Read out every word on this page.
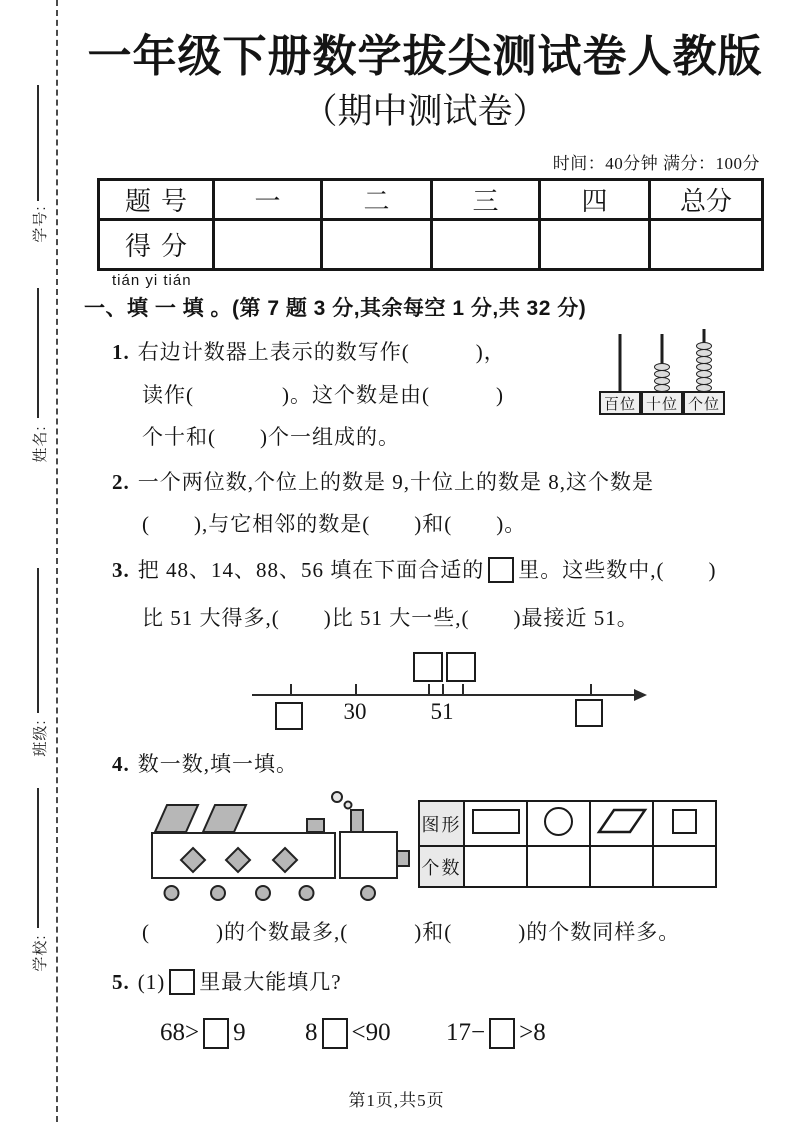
学号:
姓名:
班级:
学校:
一年级下册数学拔尖测试卷人教版
（期中测试卷）
时间：40分钟 满分：100分
题号	一	二	三	四	总分
得分					
tián yi tián
一、填 一 填 。(第 7 题 3 分,其余每空 1 分,共 32 分)
1. 右边计数器上表示的数写作(　　　)，
读作(　　　　)。这个数是由(　　　)
个十和(　　)个一组成的。
百位 十位 个位
2. 一个两位数,个位上的数是 9,十位上的数是 8,这个数是
(　　),与它相邻的数是(　　)和(　　)。
3. 把 48、14、88、56 填在下面合适的 里。这些数中,(　　)
比 51 大得多,(　　)比 51 大一些,(　　)最接近 51。
30	51
4. 数一数,填一填。
图形				
个数				
(　　　)的个数最多,(　　　)和(　　　)的个数同样多。
5. (1) 里最大能填几?
68> 9 8 <90 17− >8
第1页,共5页
